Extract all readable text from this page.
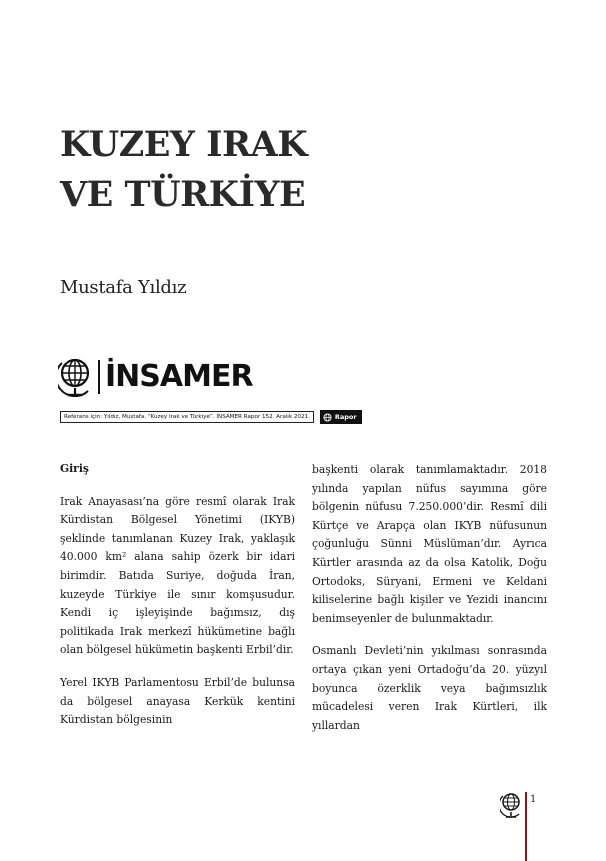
KUZEY IRAK
VE TÜRKİYE
Mustafa Yıldız
İNSAMER
Referans için: Yıldız, Mustafa. “Kuzey Irak ve Türkiye”. İNSAMER Rapor 152. Aralık 2021.	Rapor
Giriş

Irak Anayasası’na göre resmî olarak Irak Kürdistan Bölgesel Yönetimi (IKYB) şeklinde tanımlanan Kuzey Irak, yaklaşık 40.000 km² alana sahip özerk bir idari birimdir. Batıda Suriye, doğuda İran, kuzeyde Türkiye ile sınır komşusudur. Kendi iç işleyişinde bağımsız, dış politikada Irak merkezî hükümetine bağlı olan bölgesel hükümetin başkenti Erbil’dir.

Yerel IKYB Parlamentosu Erbil’de bulunsa da bölgesel anayasa Kerkük kentini Kürdistan bölgesinin

başkenti olarak tanımlamaktadır. 2018 yılında yapılan nüfus sayımına göre bölgenin nüfusu 7.250.000’dir. Resmî dili Kürtçe ve Arapça olan IKYB nüfusunun çoğunluğu Sünni Müslüman’dır. Ayrıca Kürtler arasında az da olsa Katolik, Doğu Ortodoks, Süryani, Ermeni ve Keldani kiliselerine bağlı kişiler ve Yezidi inancını benimseyenler de bulunmaktadır.

Osmanlı Devleti’nin yıkılması sonrasında ortaya çıkan yeni Ortadoğu’da 20. yüzyıl boyunca özerklik veya bağımsızlık mücadelesi veren Irak Kürtleri, ilk yıllardan

1
